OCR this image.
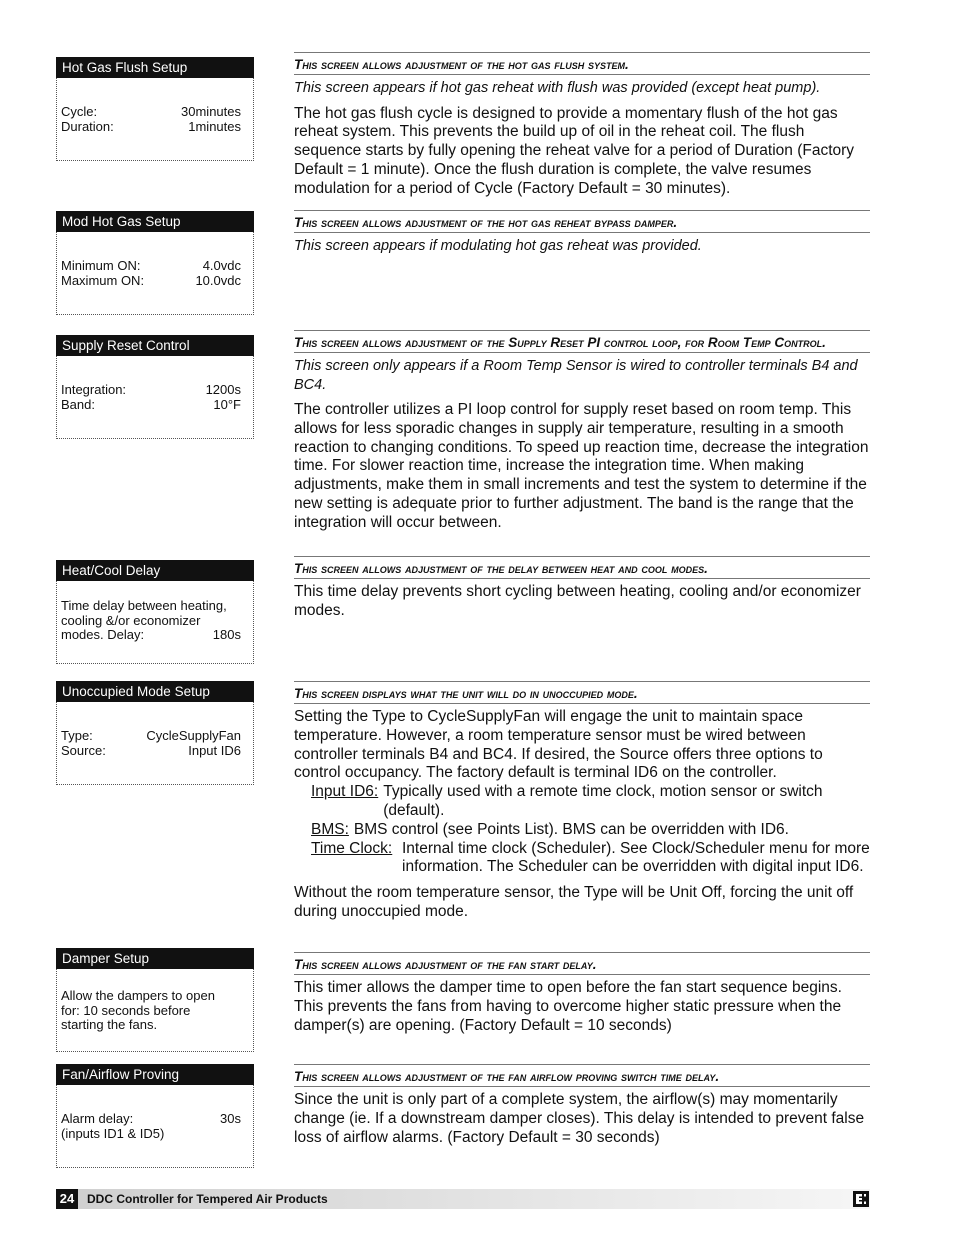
Hot Gas Flush Setup
Cycle:	30minutes
Duration:	1minutes
Mod Hot Gas Setup
Minimum ON:	4.0vdc
Maximum ON:	10.0vdc
Supply Reset Control
Integration:	1200s
Band:	10°F
Heat/Cool Delay
Time delay between heating,
cooling &/or economizer
modes. Delay:	180s
Unoccupied Mode Setup
Type:	CycleSupplyFan
Source:	Input ID6
Damper Setup
Allow the dampers to open
for: 10 seconds before
starting the fans.
Fan/Airflow Proving
Alarm delay:	30s
(inputs ID1 & ID5)
This screen allows adjustment of the hot gas flush system.
This screen appears if hot gas reheat with flush was provided (except heat pump).
The hot gas flush cycle is designed to provide a momentary flush of the hot gas reheat system. This prevents the build up of oil in the reheat coil. The flush sequence starts by fully opening the reheat valve for a period of Duration (Factory Default = 1 minute). Once the flush duration is complete, the valve resumes modulation for a period of Cycle (Factory Default = 30 minutes).
This screen allows adjustment of the hot gas reheat bypass damper.
This screen appears if modulating hot gas reheat was provided.
This screen allows adjustment of the Supply Reset PI control loop, for Room Temp Control.
This screen only appears if a Room Temp Sensor is wired to controller terminals B4 and BC4.
The controller utilizes a PI loop control for supply reset based on room temp. This allows for less sporadic changes in supply air temperature, resulting in a smooth reaction to changing conditions. To speed up reaction time, decrease the integration time. For slower reaction time, increase the integration time. When making adjustments, make them in small increments and test the system to determine if the new setting is adequate prior to further adjustment. The band is the range that the integration will occur between.
This screen allows adjustment of the delay between heat and cool modes.
This time delay prevents short cycling between heating, cooling and/or economizer modes.
This screen displays what the unit will do in unoccupied mode.
Setting the Type to CycleSupplyFan will engage the unit to maintain space temperature. However, a room temperature sensor must be wired between controller terminals B4 and BC4. If desired, the Source offers three options to control occupancy. The factory default is terminal ID6 on the controller.
Input ID6: Typically used with a remote time clock, motion sensor or switch (default).
BMS: BMS control (see Points List). BMS can be overridden with ID6.
Time Clock: Internal time clock (Scheduler). See Clock/Scheduler menu for more information. The Scheduler can be overridden with digital input ID6.
Without the room temperature sensor, the Type will be Unit Off, forcing the unit off during unoccupied mode.
This screen allows adjustment of the fan start delay.
This timer allows the damper time to open before the fan start sequence begins. This prevents the fans from having to overcome higher static pressure when the damper(s) are opening. (Factory Default = 10 seconds)
This screen allows adjustment of the fan airflow proving switch time delay.
Since the unit is only part of a complete system, the airflow(s) may momentarily change (ie. If a downstream damper closes). This delay is intended to prevent false loss of airflow alarms. (Factory Default = 30 seconds)
24	DDC Controller for Tempered Air Products
